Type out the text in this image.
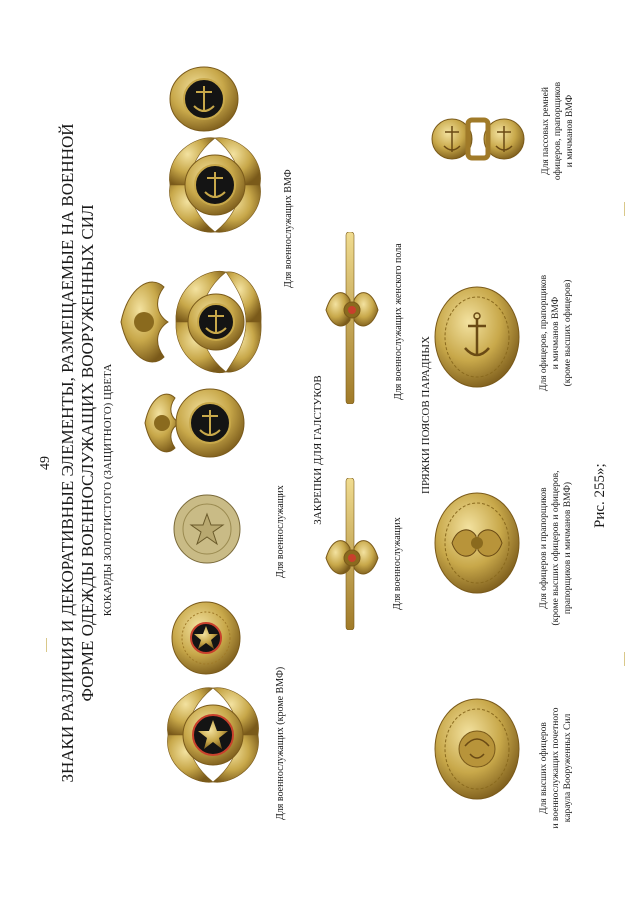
49 ЗНАКИ РАЗЛИЧИЯ И ДЕКОРАТИВНЫЕ ЭЛЕМЕНТЫ, РАЗМЕЩАЕМЫЕ НА ВОЕННОЙ ФОРМЕ ОДЕЖДЫ ВОЕННОСЛУЖАЩИХ ВООРУЖЕННЫХ СИЛ КОКАРДЫ ЗОЛОТИСТОГО (ЗАЩИТНОГО) ЦВЕТА
Для военнослужащих (кроме ВМФ)
Для военнослужащих
Для военнослужащих ВМФ
ЗАКРЕПКИ ДЛЯ ГАЛСТУКОВ
Для военнослужащих
Для военнослужащих женского пола
ПРЯЖКИ ПОЯСОВ ПАРАДНЫХ
Для высших офицеров и военнослужащих почетного караула Вооруженных Сил
Для офицеров и прапорщиков (кроме высших офицеров и офицеров, прапорщиков и мичманов ВМФ)
Для офицеров, прапорщиков и мичманов ВМФ (кроме высших офицеров)
Для пассовых ремней офицеров, прапорщиков и мичманов ВМФ
Рис. 255»;
